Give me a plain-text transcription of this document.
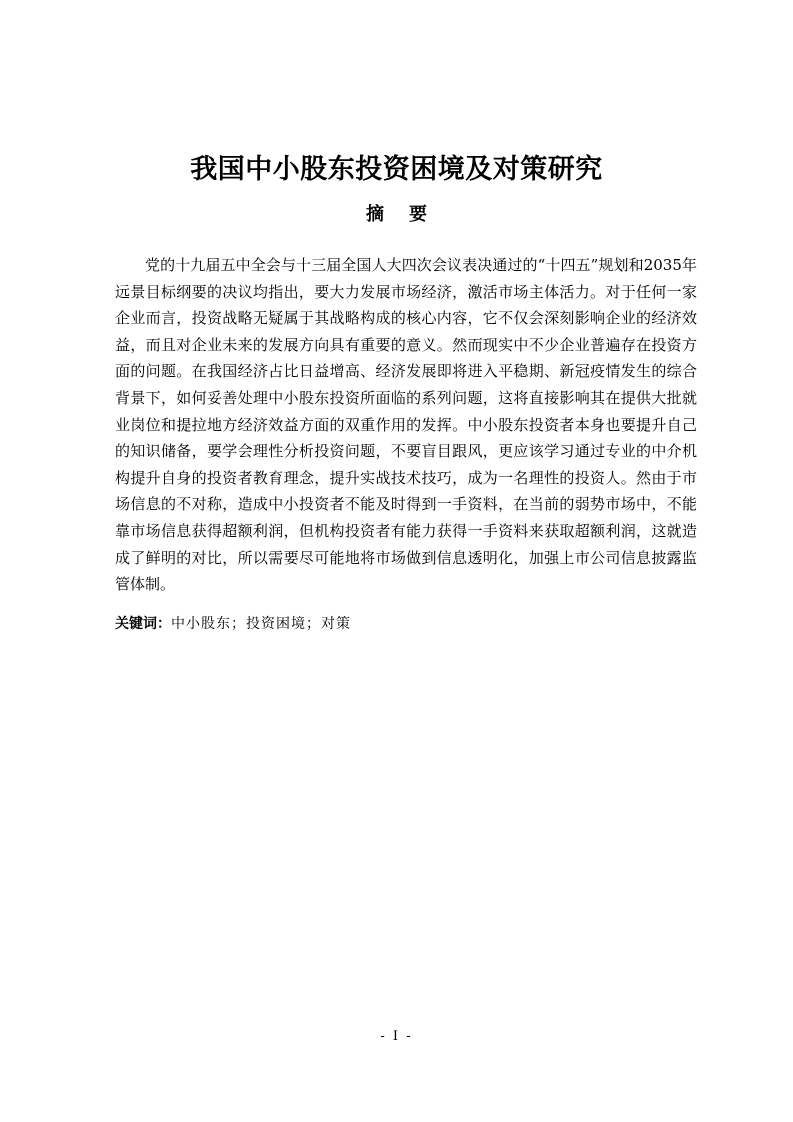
我国中小股东投资困境及对策研究
摘    要

党的十九届五中全会与十三届全国人大四次会议表决通过的“十四五”规划和2035年远景目标纲要的决议均指出，要大力发展市场经济，激活市场主体活力。对于任何一家企业而言，投资战略无疑属于其战略构成的核心内容，它不仅会深刻影响企业的经济效益，而且对企业未来的发展方向具有重要的意义。然而现实中不少企业普遍存在投资方面的问题。在我国经济占比日益增高、经济发展即将进入平稳期、新冠疫情发生的综合背景下，如何妥善处理中小股东投资所面临的系列问题，这将直接影响其在提供大批就业岗位和提拉地方经济效益方面的双重作用的发挥。中小股东投资者本身也要提升自己的知识储备，要学会理性分析投资问题，不要盲目跟风，更应该学习通过专业的中介机构提升自身的投资者教育理念，提升实战技术技巧，成为一名理性的投资人。然由于市场信息的不对称，造成中小投资者不能及时得到一手资料，在当前的弱势市场中，不能靠市场信息获得超额利润，但机构投资者有能力获得一手资料来获取超额利润，这就造成了鲜明的对比，所以需要尽可能地将市场做到信息透明化，加强上市公司信息披露监管体制。

关键词：中小股东；投资困境；对策
- I -
